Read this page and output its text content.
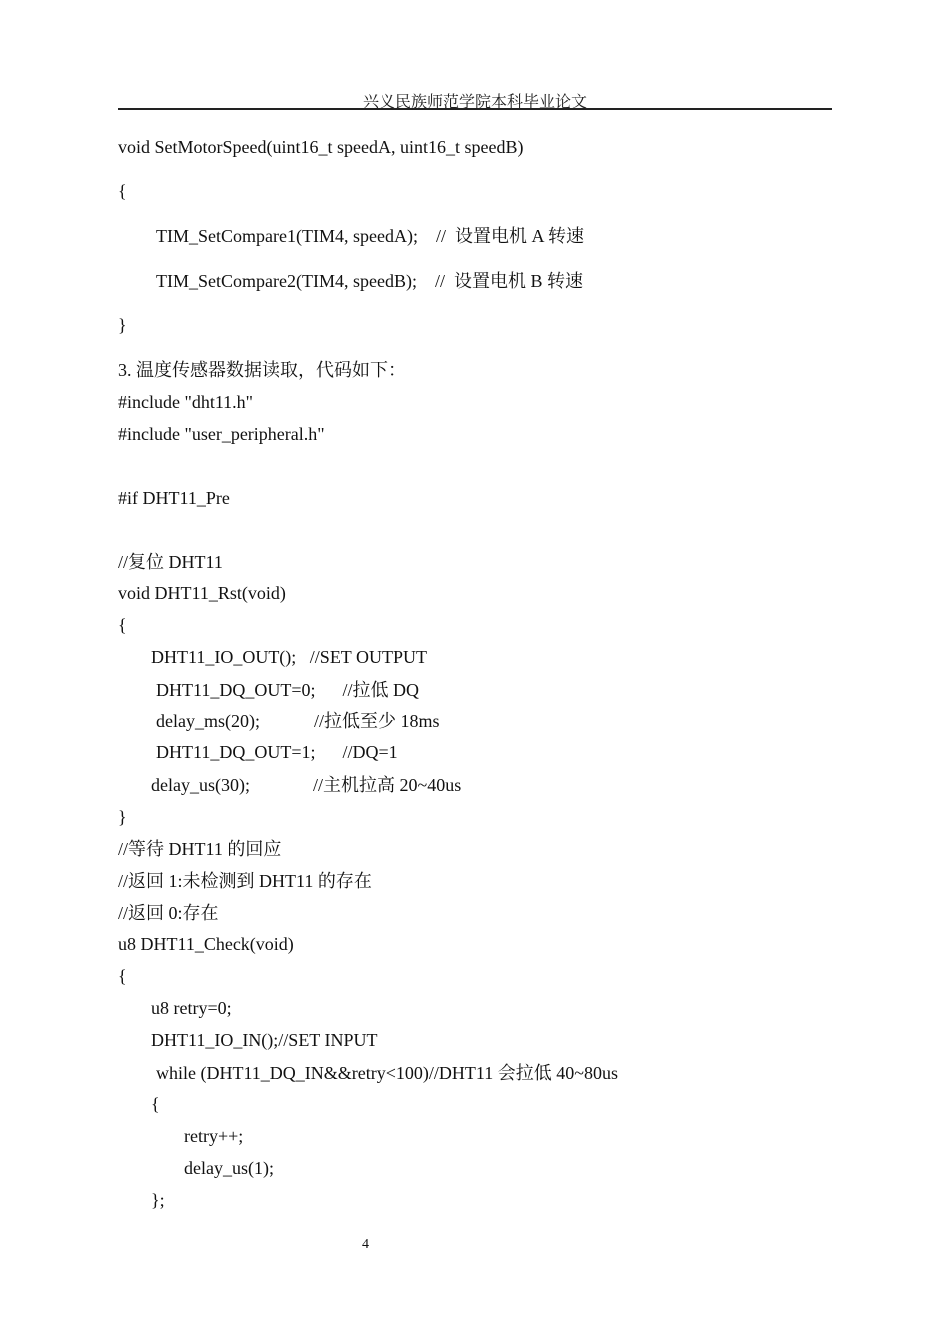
兴义民族师范学院本科毕业论文
void SetMotorSpeed(uint16_t speedA, uint16_t speedB)
{
TIM_SetCompare1(TIM4, speedA);    //  设置电机 A 转速
TIM_SetCompare2(TIM4, speedB);    //  设置电机 B 转速
}
3. 温度传感器数据读取，代码如下：
#include "dht11.h"
#include "user_peripheral.h"
#if DHT11_Pre
//复位 DHT11
void DHT11_Rst(void)
{
DHT11_IO_OUT();   //SET OUTPUT
DHT11_DQ_OUT=0;      //拉低 DQ
delay_ms(20);            //拉低至少 18ms
DHT11_DQ_OUT=1;      //DQ=1
delay_us(30);              //主机拉高 20~40us
}
//等待 DHT11 的回应
//返回 1:未检测到 DHT11 的存在
//返回 0:存在
u8 DHT11_Check(void)
{
u8 retry=0;
DHT11_IO_IN();//SET INPUT
while (DHT11_DQ_IN&&retry<100)//DHT11 会拉低 40~80us
{
retry++;
delay_us(1);
};
4
